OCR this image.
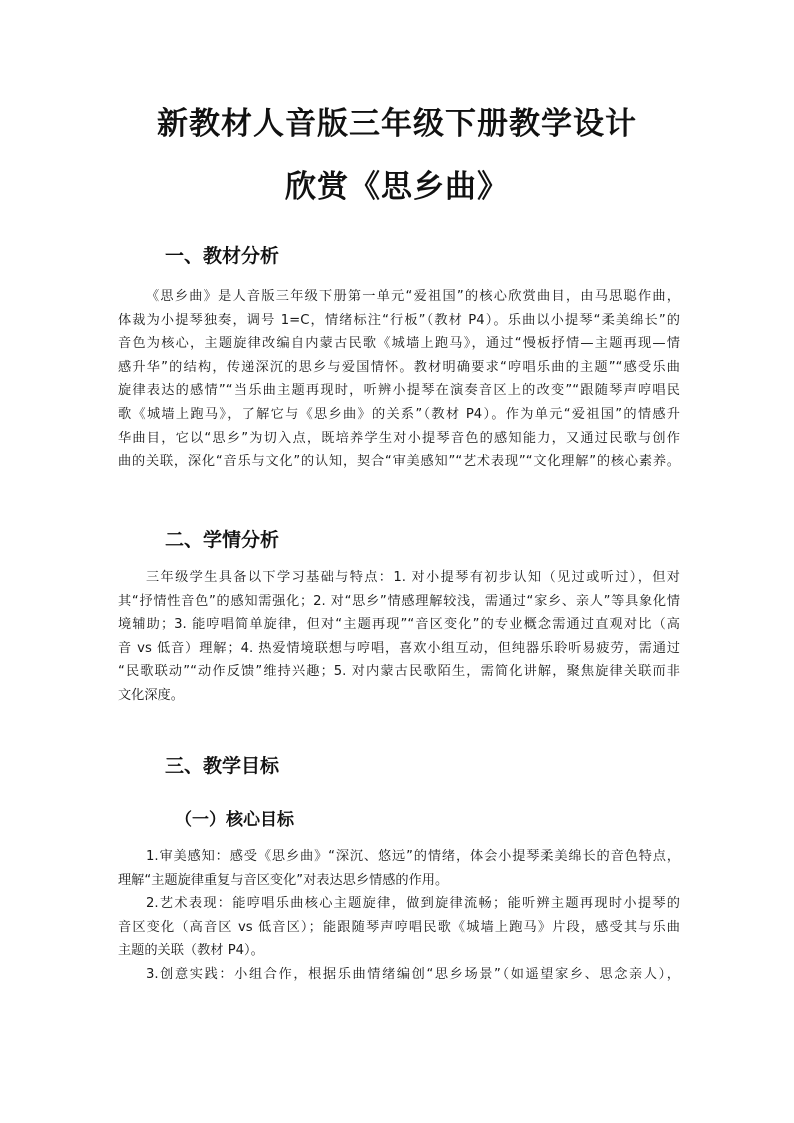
新教材人音版三年级下册教学设计
欣赏《思乡曲》
一、教材分析
《思乡曲》是人音版三年级下册第一单元“爱祖国”的核心欣赏曲目，由马思聪作曲，
体裁为小提琴独奏，调号 1=C，情绪标注“行板”（教材 P4）。乐曲以小提琴“柔美绵长”的
音色为核心，主题旋律改编自内蒙古民歌《城墙上跑马》，通过“慢板抒情—主题再现—情
感升华”的结构，传递深沉的思乡与爱国情怀。教材明确要求“哼唱乐曲的主题”“感受乐曲
旋律表达的感情”“当乐曲主题再现时，听辨小提琴在演奏音区上的改变”“跟随琴声哼唱民
歌《城墙上跑马》，了解它与《思乡曲》的关系”（教材 P4）。作为单元“爱祖国”的情感升
华曲目，它以“思乡”为切入点，既培养学生对小提琴音色的感知能力，又通过民歌与创作
曲的关联，深化“音乐与文化”的认知，契合“审美感知”“艺术表现”“文化理解”的核心素养。
二、学情分析
三年级学生具备以下学习基础与特点：1. 对小提琴有初步认知（见过或听过），但对
其“抒情性音色”的感知需强化；2. 对“思乡”情感理解较浅，需通过“家乡、亲人”等具象化情
境辅助；3. 能哼唱简单旋律，但对“主题再现”“音区变化”的专业概念需通过直观对比（高
音 vs 低音）理解；4. 热爱情境联想与哼唱，喜欢小组互动，但纯器乐聆听易疲劳，需通过
“民歌联动”“动作反馈”维持兴趣；5. 对内蒙古民歌陌生，需简化讲解，聚焦旋律关联而非
文化深度。
三、教学目标
（一）核心目标
1.审美感知：感受《思乡曲》“深沉、悠远”的情绪，体会小提琴柔美绵长的音色特点，
理解“主题旋律重复与音区变化”对表达思乡情感的作用。
2.艺术表现：能哼唱乐曲核心主题旋律，做到旋律流畅；能听辨主题再现时小提琴的
音区变化（高音区 vs 低音区）；能跟随琴声哼唱民歌《城墙上跑马》片段，感受其与乐曲
主题的关联（教材 P4）。
3.创意实践：小组合作，根据乐曲情绪编创“思乡场景”（如遥望家乡、思念亲人），
